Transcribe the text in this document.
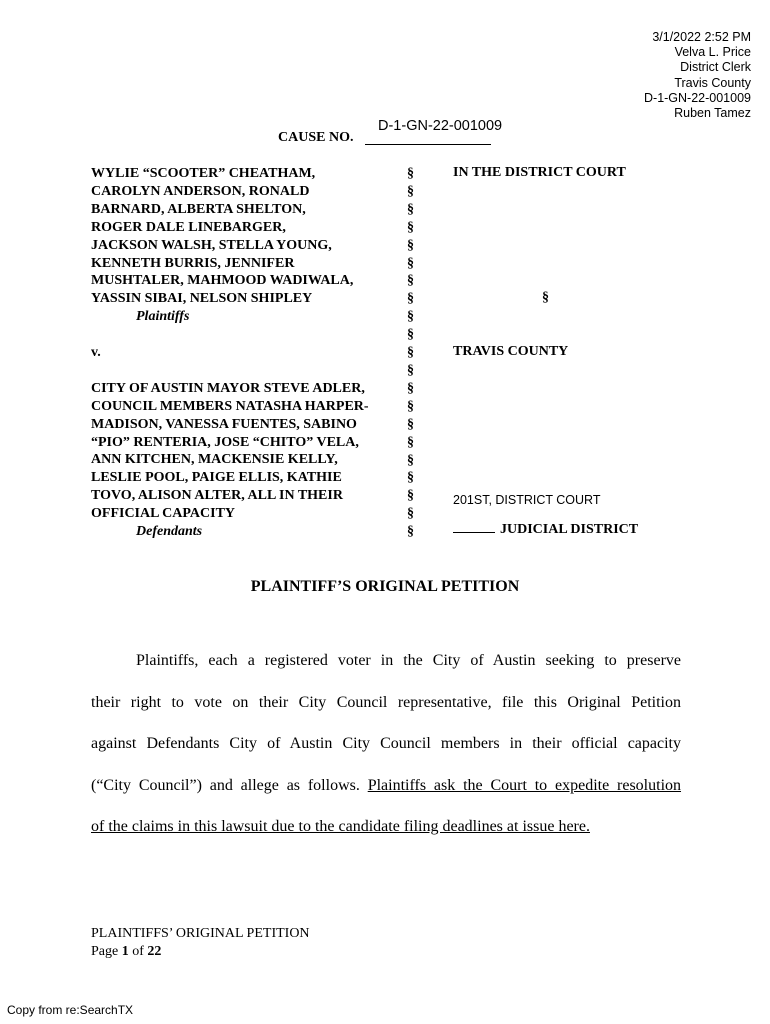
3/1/2022 2:52 PM
Velva L. Price
District Clerk
Travis County
D-1-GN-22-001009
Ruben Tamez
D-1-GN-22-001009
CAUSE NO.
WYLIE “SCOOTER” CHEATHAM,
CAROLYN ANDERSON, RONALD
BARNARD, ALBERTA SHELTON,
ROGER DALE LINEBARGER,
JACKSON WALSH, STELLA YOUNG,
KENNETH BURRIS, JENNIFER
MUSHTALER, MAHMOOD WADIWALA,
YASSIN SIBAI, NELSON SHIPLEY
Plaintiffs
v.
CITY OF AUSTIN MAYOR STEVE ADLER,
COUNCIL MEMBERS NATASHA HARPER-
MADISON, VANESSA FUENTES, SABINO
“PIO” RENTERIA, JOSE “CHITO” VELA,
ANN KITCHEN, MACKENSIE KELLY,
LESLIE POOL, PAIGE ELLIS, KATHIE
TOVO, ALISON ALTER, ALL IN THEIR
OFFICIAL CAPACITY
Defendants
§
§
§
§
§
§
§
§
§
§
§
§
§
§
§
§
§
§
§
§
§
IN THE DISTRICT COURT
§
TRAVIS COUNTY
201ST, DISTRICT COURT
JUDICIAL DISTRICT
PLAINTIFF’S ORIGINAL PETITION
Plaintiffs, each a registered voter in the City of Austin seeking to preserve
their right to vote on their City Council representative, file this Original Petition
against Defendants City of Austin City Council members in their official capacity
(“City Council”) and allege as follows. Plaintiffs ask the Court to expedite resolution
of the claims in this lawsuit due to the candidate filing deadlines at issue here.
PLAINTIFFS’ ORIGINAL PETITION
Page 1 of 22
Copy from re:SearchTX
